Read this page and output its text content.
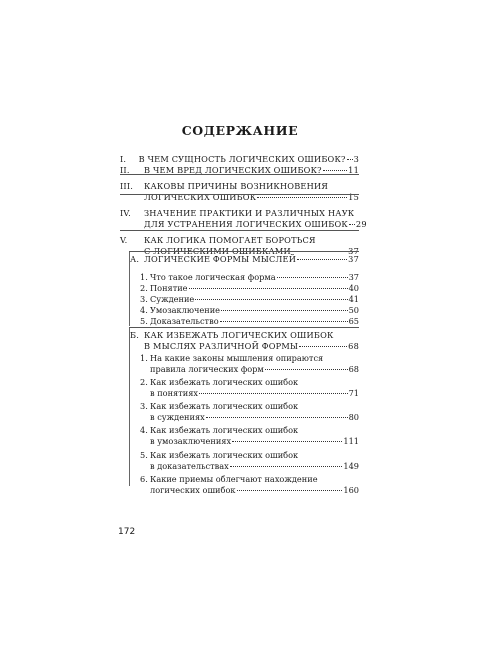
СОДЕРЖАНИЕ
I.	В ЧЕМ СУЩНОСТЬ ЛОГИЧЕСКИХ ОШИБОК? 3
II.	В ЧЕМ ВРЕД ЛОГИЧЕСКИХ ОШИБОК?	11
III.	КАКОВЫ ПРИЧИНЫ ВОЗНИКНОВЕНИЯ
ЛОГИЧЕСКИХ ОШИБОК	15
IV.	ЗНАЧЕНИЕ ПРАКТИКИ И РАЗЛИЧНЫХ НАУК
ДЛЯ УСТРАНЕНИЯ ЛОГИЧЕСКИХ ОШИБОК 29
V.	КАК ЛОГИКА ПОМОГАЕТ БОРОТЬСЯ
С ЛОГИЧЕСКИМИ ОШИБКАМИ	37
А. ЛОГИЧЕСКИЕ ФОРМЫ МЫСЛЕЙ	37
1. Что такое логическая форма	37
2. Понятие	40
3. Суждение	41
4. Умозаключение	50
5. Доказательство	65
Б. КАК ИЗБЕЖАТЬ ЛОГИЧЕСКИХ ОШИБОК
В МЫСЛЯХ РАЗЛИЧНОЙ ФОРМЫ	68
1. На какие законы мышления опираются
правила логических форм	68
2. Как избежать логических ошибок
в понятиях	71
3. Как избежать логических ошибок
в суждениях	80
4. Как избежать логических ошибок
в умозаключениях	111
5. Как избежать логических ошибок
в доказательствах	149
6. Какие приемы облегчают нахождение
логических ошибок	160
172
